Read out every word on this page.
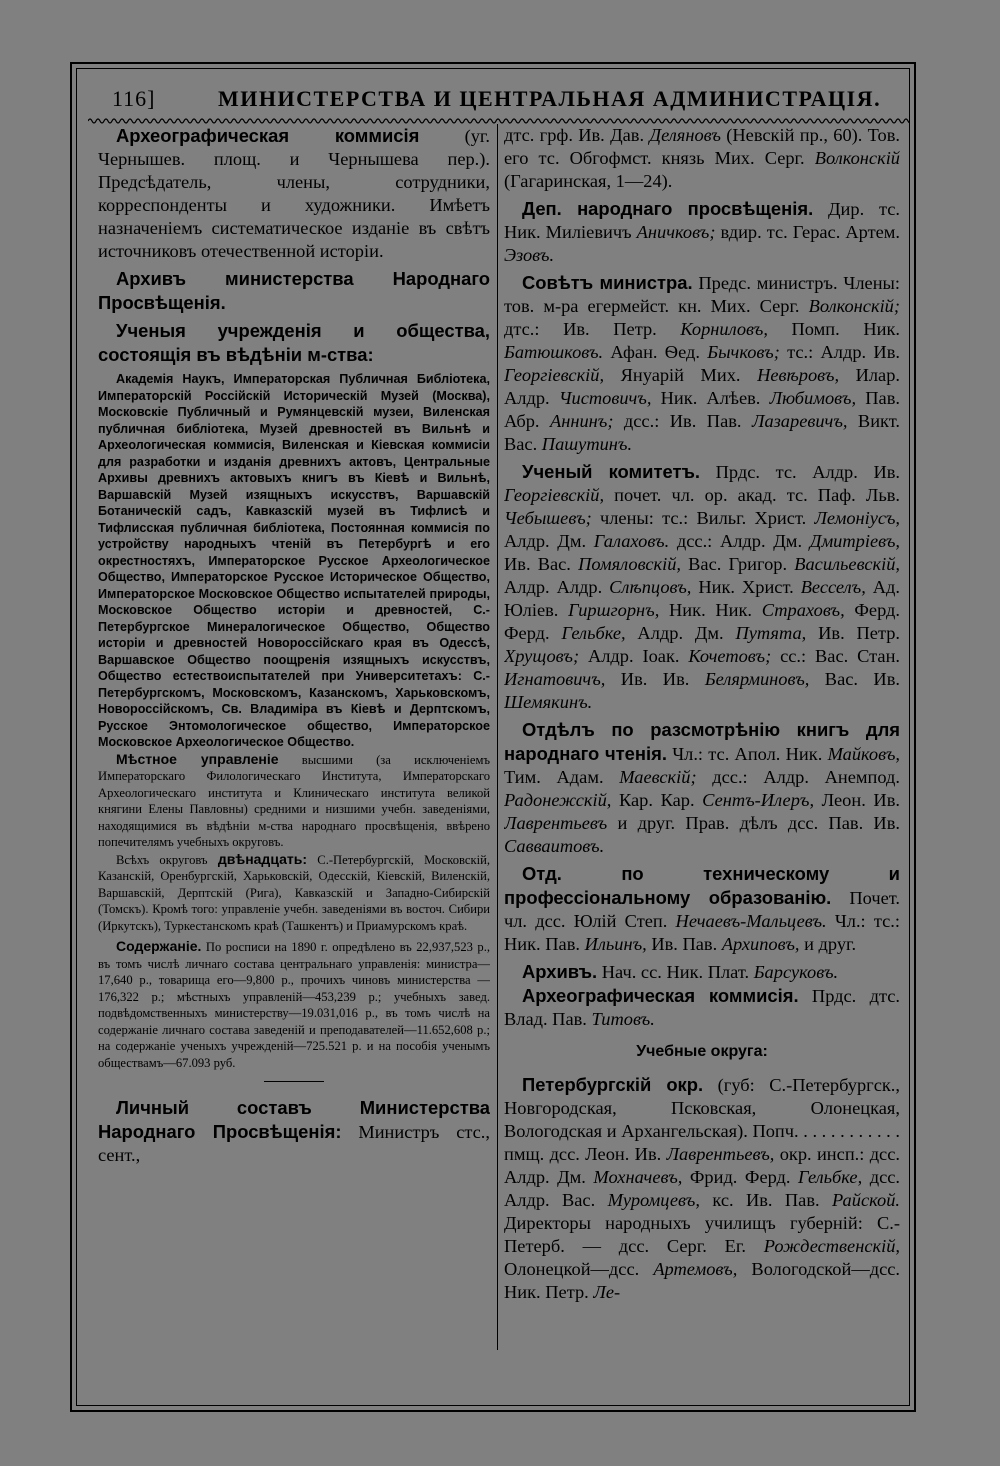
116]	МИНИСТЕРСТВА И ЦЕНТРАЛЬНАЯ АДМИНИСТРАЦІЯ.

Археографическая коммисія (уг. Чернышев. площ. и Чернышева пер.). Предсѣдатель, члены, сотрудники, корреспонденты и художники. Имѣетъ назначеніемъ систематическое изданіе въ свѣтъ источниковъ отечественной исторіи.

Архивъ министерства Народнаго Просвѣщенія.

Ученыя учрежденія и общества, состоящія въ вѣдѣніи м-ства:

Академія Наукъ, Императорская Публичная Библіотека, Императорскій Россійскій Историческій Музей (Москва), Московскіе Публичный и Румянцевскій музеи, Виленская публичная библіотека, Музей древностей въ Вильнѣ и Археологическая коммисія, Виленская и Кіевская коммисіи для разработки и изданія древнихъ актовъ, Центральные Архивы древнихъ актовыхъ книгъ въ Кіевѣ и Вильнѣ, Варшавскій Музей изящныхъ искусствъ, Варшавскій Ботаническій садъ, Кавказскій музей въ Тифлисѣ и Тифлисская публичная библіотека, Постоянная коммисія по устройству народныхъ чтеній въ Петербургѣ и его окрестностяхъ, Императорское Русское Археологическое Общество, Императорское Русское Историческое Общество, Императорское Московское Общество испытателей природы, Московское Общество исторіи и древностей, С.-Петербургское Минералогическое Общество, Общество исторіи и древностей Новороссійскаго края въ Одессѣ, Варшавское Общество поощренія изящныхъ искусствъ, Общество естествоиспытателей при Университетахъ: С.-Петербургскомъ, Московскомъ, Казанскомъ, Харьковскомъ, Новороссійскомъ, Св. Владиміра въ Кіевѣ и Дерптскомъ, Русское Энтомологическое общество, Императорское Московское Археологическое Общество.

Мѣстное управленіе высшими (за исключеніемъ Императорскаго Филологическаго Института, Императорскаго Археологическаго института и Клиническаго института великой княгини Елены Павловны) средними и низшими учебн. заведеніями, находящимися въ вѣдѣніи м-ства народнаго просвѣщенія, ввѣрено попечителямъ учебныхъ округовъ.

Всѣхъ округовъ двѣнадцать: С.-Петербургскій, Московскій, Казанскій, Оренбургскій, Харьковскій, Одесскій, Кіевскій, Виленскій, Варшавскій, Дерптскій (Рига), Кавказскій и Западно-Сибирскій (Томскъ). Кромѣ того: управленіе учебн. заведеніями въ восточ. Сибири (Иркутскъ), Туркестанскомъ краѣ (Ташкентъ) и Приамурскомъ краѣ.

Содержаніе. По росписи на 1890 г. опредѣлено въ 22,937,523 р., въ томъ числѣ личнаго состава центральнаго управленія: министра—17,640 р., товарища его—9,800 р., прочихъ чиновъ министерства — 176,322 р.; мѣстныхъ управленій—453,239 р.; учебныхъ завед. подвѣдомственныхъ министерству—19.031,016 р., въ томъ числѣ на содержаніе личнаго состава заведеній и преподавателей—11.652,608 р.; на содержаніе ученыхъ учрежденій—725.521 р. и на пособія ученымъ обществамъ—67.093 руб.

Личный составъ Министерства Народнаго Просвѣщенія: Министръ стс., сент.,

дтс. грф. Ив. Дав. Деляновъ (Невскій пр., 60). Тов. его тс. Обгофмст. князь Мих. Серг. Волконскій (Гагаринская, 1—24).

Деп. народнаго просвѣщенія. Дир. тс. Ник. Миліевичъ Аничковъ; вдир. тс. Герас. Артем. Эзовъ.

Совѣтъ министра. Предс. министръ. Члены: тов. м-ра егермейст. кн. Мих. Серг. Волконскій; дтс.: Ив. Петр. Корниловъ, Помп. Ник. Батюшковъ. Афан. Ѳед. Бычковъ; тс.: Алдр. Ив. Георгіевскій, Януарій Мих. Невѣровъ, Илар. Алдр. Чистовичъ, Ник. Алѣев. Любимовъ, Пав. Абр. Аннинъ; дсс.: Ив. Пав. Лазаревичъ, Викт. Вас. Пашутинъ.

Ученый комитетъ. Прдс. тс. Алдр. Ив. Георгіевскій, почет. чл. ор. акад. тс. Паф. Льв. Чебышевъ; члены: тс.: Вильг. Христ. Лемоніусъ, Алдр. Дм. Галаховъ. дсс.: Алдр. Дм. Дмитріевъ, Ив. Вас. Помяловскій, Вас. Григор. Васильевскій, Алдр. Алдр. Слѣпцовъ, Ник. Христ. Весселъ, Ад. Юліев. Гиршгорнъ, Ник. Ник. Страховъ, Ферд. Ферд. Гельбке, Алдр. Дм. Путята, Ив. Петр. Хрущовъ; Алдр. Іоак. Кочетовъ; сс.: Вас. Стан. Игнатовичъ, Ив. Ив. Белярминовъ, Вас. Ив. Шемякинъ.

Отдѣлъ по разсмотрѣнію книгъ для народнаго чтенія. Чл.: тс. Апол. Ник. Майковъ, Тим. Адам. Маевскій; дсс.: Алдр. Анемпод. Радонежскій, Кар. Кар. Сентъ-Илеръ, Леон. Ив. Лаврентьевъ и друг. Прав. дѣлъ дсс. Пав. Ив. Савваитовъ.

Отд. по техническому и профессіональному образованію. Почет. чл. дсс. Юлій Степ. Нечаевъ-Мальцевъ. Чл.: тс.: Ник. Пав. Ильинъ, Ив. Пав. Архиповъ, и друг.

Архивъ. Нач. сс. Ник. Плат. Барсуковъ.

Археографическая коммисія. Прдс. дтс. Влад. Пав. Титовъ.

Учебные округа:

Петербургскій окр. (губ: С.-Петербургск., Новгородская, Псковская, Олонецкая, Вологодская и Архангельская). Попч. . . . . . . . . . . . пмщ. дсс. Леон. Ив. Лаврентьевъ, окр. инсп.: дсс. Алдр. Дм. Мохначевъ, Фрид. Ферд. Гельбке, дсс. Алдр. Вас. Муромцевъ, кс. Ив. Пав. Райской. Директоры народныхъ училищъ губерній: С.-Петерб. — дсс. Серг. Ег. Рождественскій, Олонецкой—дсс. Артемовъ, Вологодской—дсс. Ник. Петр. Ле-
